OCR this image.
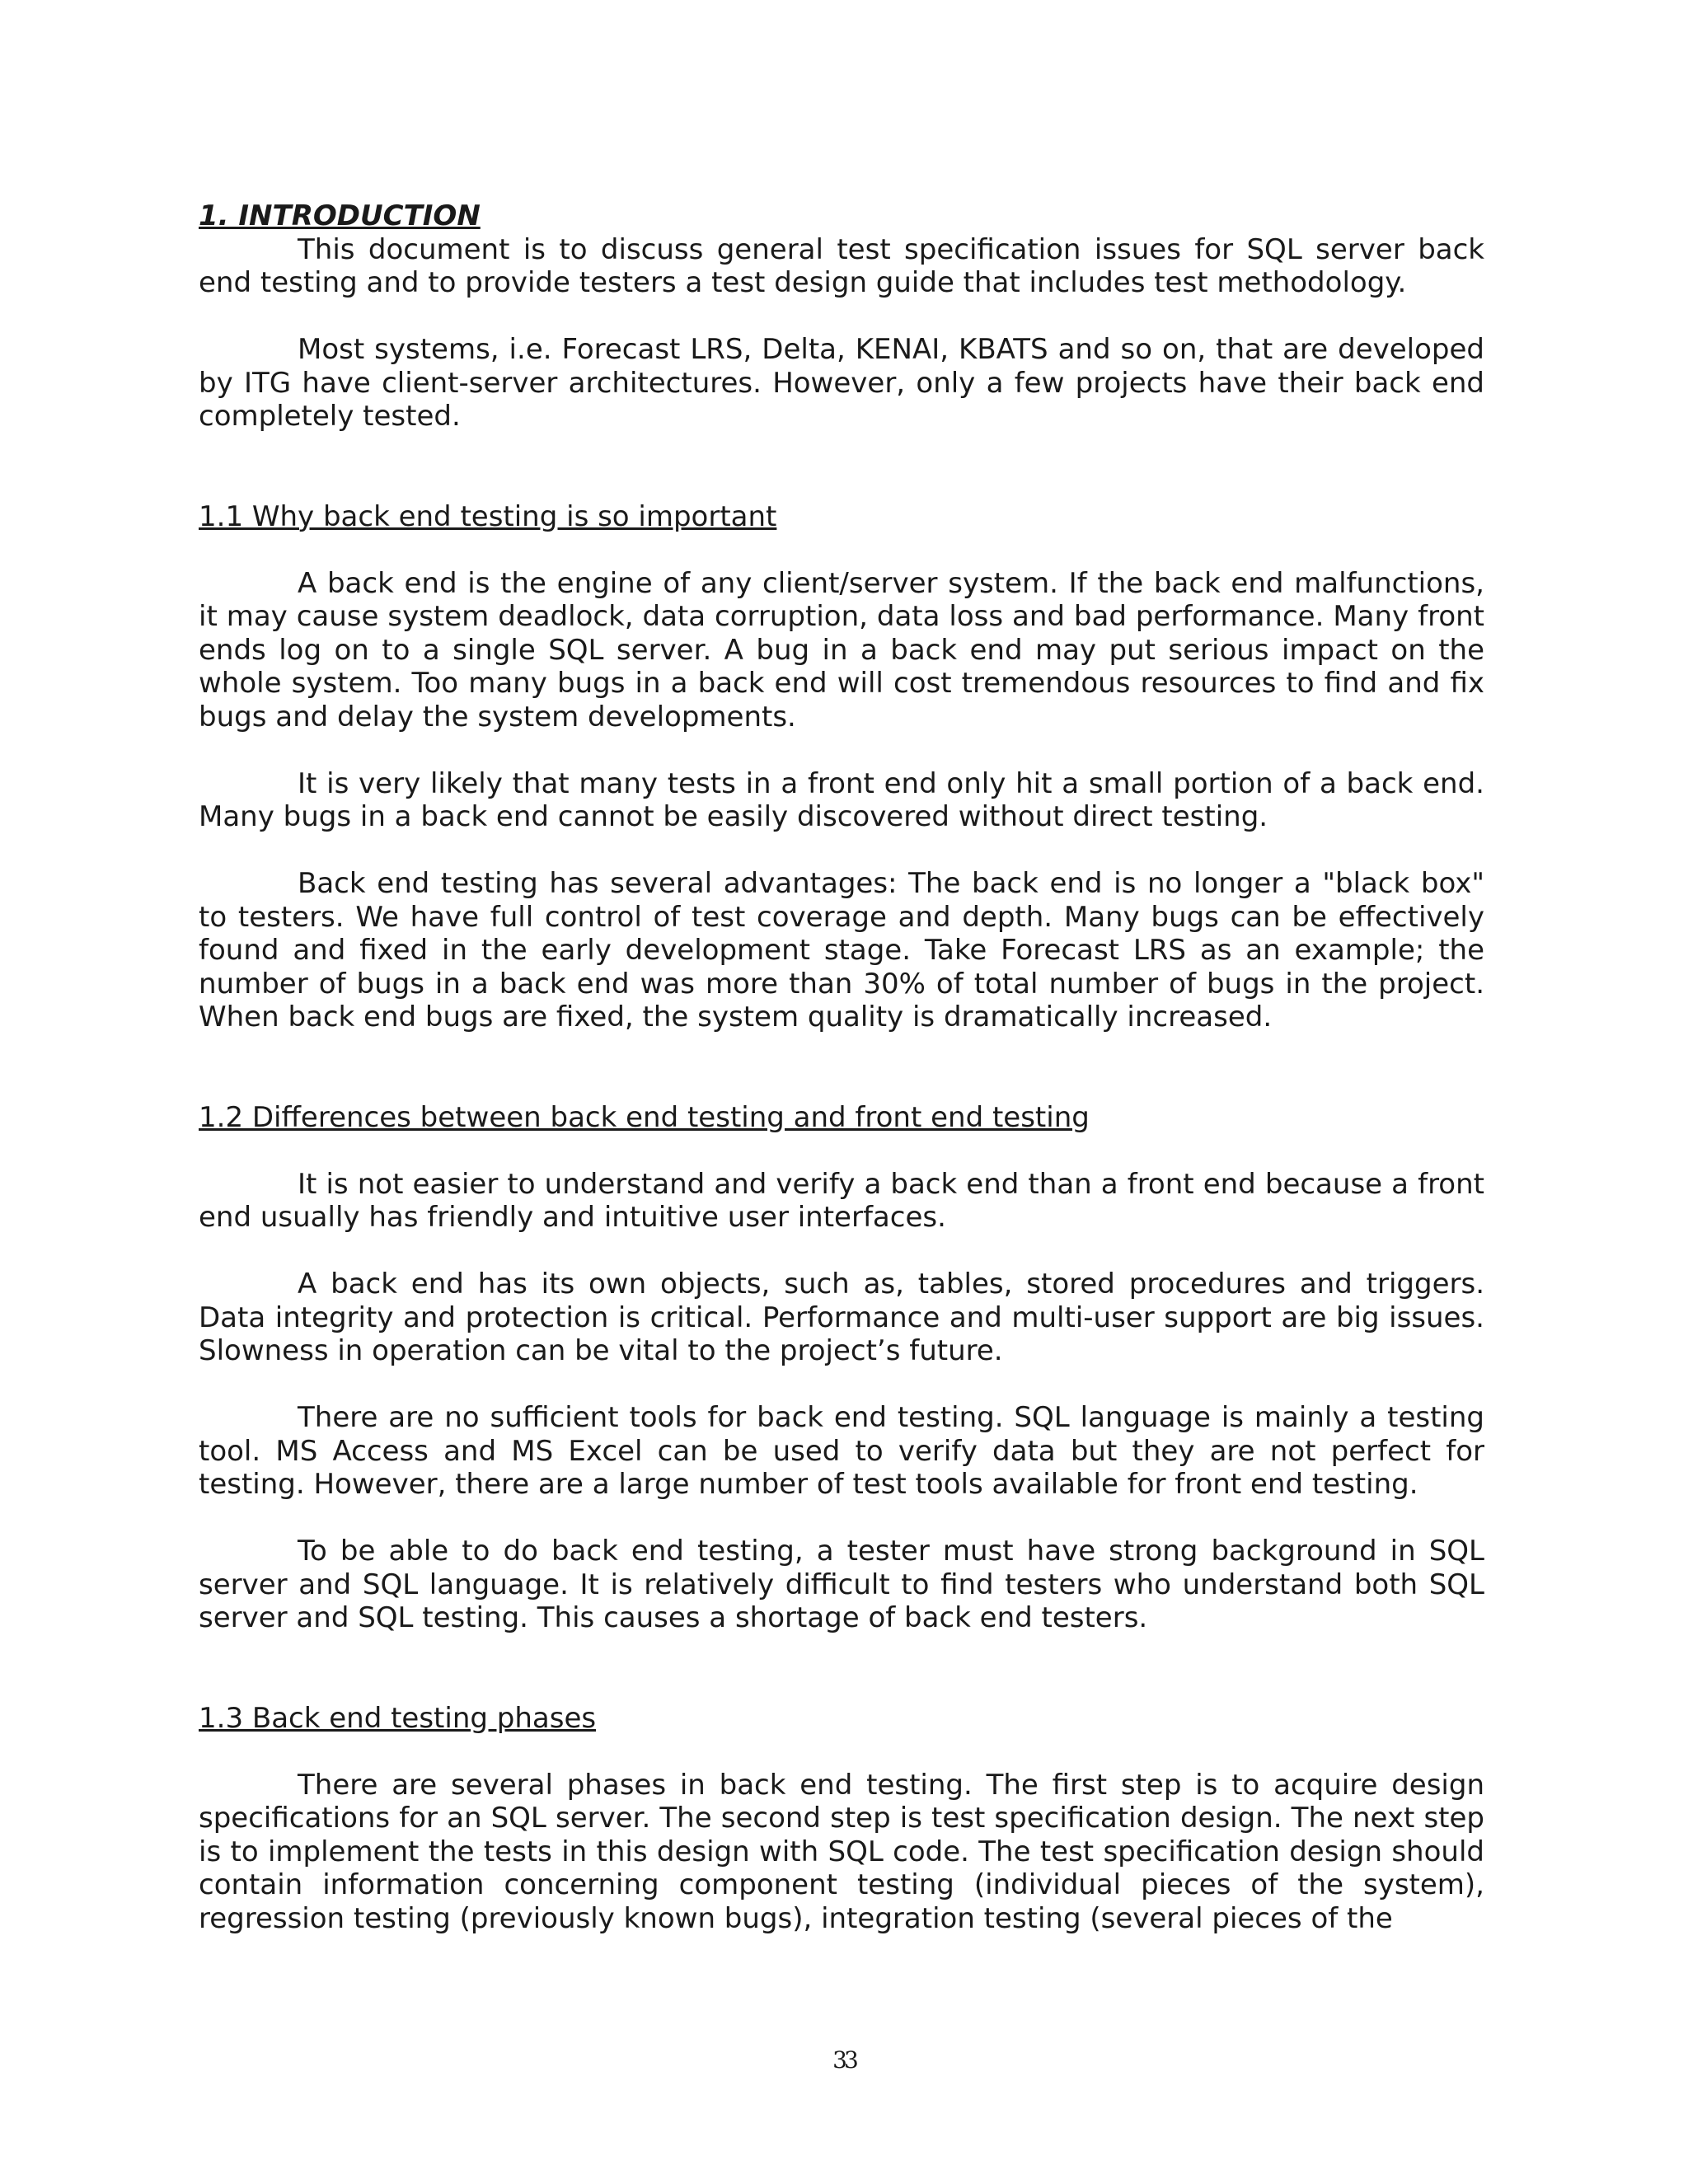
1. INTRODUCTION

This document is to discuss general test specification issues for SQL server back end testing and to provide testers a test design guide that includes test methodology.

Most systems, i.e. Forecast LRS, Delta, KENAI, KBATS and so on, that are developed by ITG have client-server architectures. However, only a few projects have their back end completely tested.

1.1 Why back end testing is so important

A back end is the engine of any client/server system. If the back end malfunctions, it may cause system deadlock, data corruption, data loss and bad performance. Many front ends log on to a single SQL server. A bug in a back end may put serious impact on the whole system. Too many bugs in a back end will cost tremendous resources to find and fix bugs and delay the system developments.

It is very likely that many tests in a front end only hit a small portion of a back end. Many bugs in a back end cannot be easily discovered without direct testing.

Back end testing has several advantages: The back end is no longer a "black box" to testers. We have full control of test coverage and depth. Many bugs can be effectively found and fixed in the early development stage. Take Forecast LRS as an example; the number of bugs in a back end was more than 30% of total number of bugs in the project. When back end bugs are fixed, the system quality is dramatically increased.

1.2 Differences between back end testing and front end testing

It is not easier to understand and verify a back end than a front end because a front end usually has friendly and intuitive user interfaces.

A back end has its own objects, such as, tables, stored procedures and triggers. Data integrity and protection is critical. Performance and multi-user support are big issues. Slowness in operation can be vital to the project’s future.

There are no sufficient tools for back end testing. SQL language is mainly a testing tool. MS Access and MS Excel can be used to verify data but they are not perfect for testing. However, there are a large number of test tools available for front end testing.

To be able to do back end testing, a tester must have strong background in SQL server and SQL language. It is relatively difficult to find testers who understand both SQL server and SQL testing. This causes a shortage of back end testers.

1.3 Back end testing phases

There are several phases in back end testing. The first step is to acquire design specifications for an SQL server. The second step is test specification design. The next step is to implement the tests in this design with SQL code. The test specification design should contain information concerning component testing (individual pieces of the system), regression testing (previously known bugs), integration testing (several pieces of the

33
